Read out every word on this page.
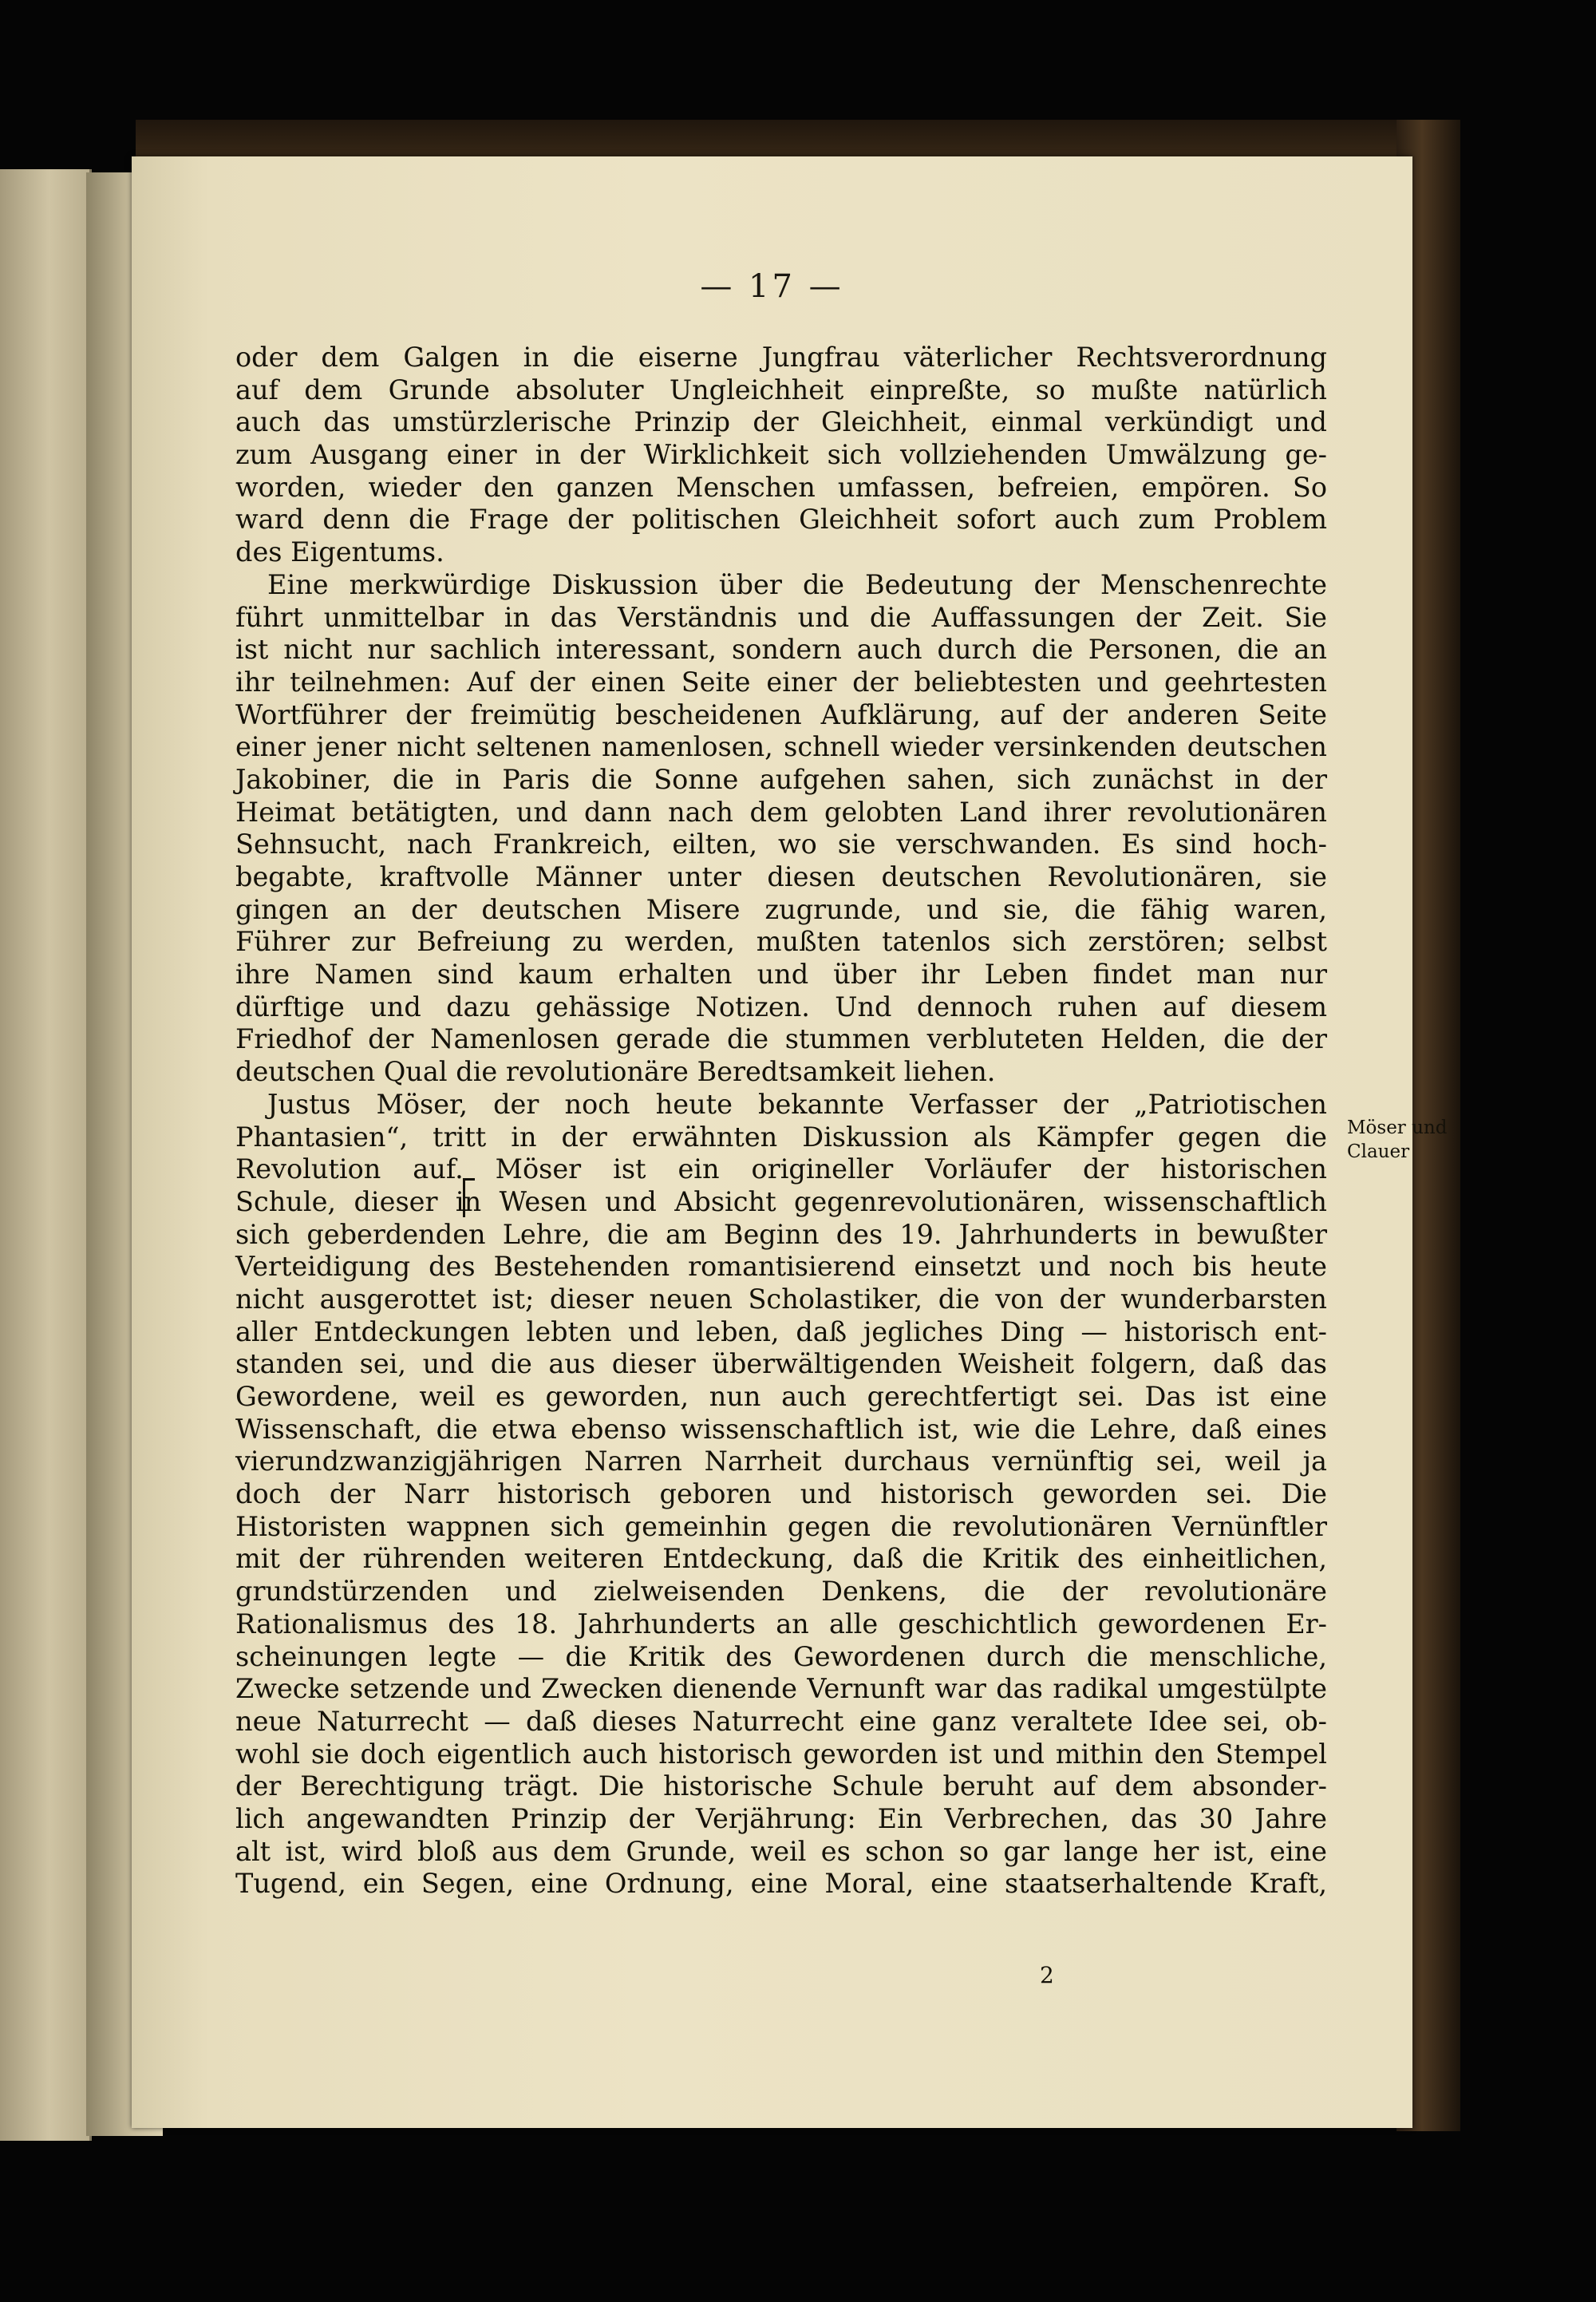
— 17 —
oder dem Galgen in die eiserne Jungfrau väterlicher Rechtsverordnung
auf dem Grunde absoluter Ungleichheit einpreßte, so mußte natürlich
auch das umstürzlerische Prinzip der Gleichheit, einmal verkündigt und
zum Ausgang einer in der Wirklichkeit sich vollziehenden Umwälzung ge-
worden, wieder den ganzen Menschen umfassen, befreien, empören. So
ward denn die Frage der politischen Gleichheit sofort auch zum Problem
des Eigentums.
Eine merkwürdige Diskussion über die Bedeutung der Menschenrechte
führt unmittelbar in das Verständnis und die Auffassungen der Zeit. Sie
ist nicht nur sachlich interessant, sondern auch durch die Personen, die an
ihr teilnehmen: Auf der einen Seite einer der beliebtesten und geehrtesten
Wortführer der freimütig bescheidenen Aufklärung, auf der anderen Seite
einer jener nicht seltenen namenlosen, schnell wieder versinkenden deutschen
Jakobiner, die in Paris die Sonne aufgehen sahen, sich zunächst in der
Heimat betätigten, und dann nach dem gelobten Land ihrer revolutionären
Sehnsucht, nach Frankreich, eilten, wo sie verschwanden. Es sind hoch-
begabte, kraftvolle Männer unter diesen deutschen Revolutionären, sie
gingen an der deutschen Misere zugrunde, und sie, die fähig waren,
Führer zur Befreiung zu werden, mußten tatenlos sich zerstören; selbst
ihre Namen sind kaum erhalten und über ihr Leben findet man nur
dürftige und dazu gehässige Notizen. Und dennoch ruhen auf diesem
Friedhof der Namenlosen gerade die stummen verbluteten Helden, die der
deutschen Qual die revolutionäre Beredtsamkeit liehen.
Justus Möser, der noch heute bekannte Verfasser der „Patriotischen
Phantasien“, tritt in der erwähnten Diskussion als Kämpfer gegen die
Revolution auf. Möser ist ein origineller Vorläufer der historischen
Schule, dieser in Wesen und Absicht gegenrevolutionären, wissenschaftlich
sich geberdenden Lehre, die am Beginn des 19. Jahrhunderts in bewußter
Verteidigung des Bestehenden romantisierend einsetzt und noch bis heute
nicht ausgerottet ist; dieser neuen Scholastiker, die von der wunderbarsten
aller Entdeckungen lebten und leben, daß jegliches Ding — historisch ent-
standen sei, und die aus dieser überwältigenden Weisheit folgern, daß das
Gewordene, weil es geworden, nun auch gerechtfertigt sei. Das ist eine
Wissenschaft, die etwa ebenso wissenschaftlich ist, wie die Lehre, daß eines
vierundzwanzigjährigen Narren Narrheit durchaus vernünftig sei, weil ja
doch der Narr historisch geboren und historisch geworden sei. Die
Historisten wappnen sich gemeinhin gegen die revolutionären Vernünftler
mit der rührenden weiteren Entdeckung, daß die Kritik des einheitlichen,
grundstürzenden und zielweisenden Denkens, die der revolutionäre
Rationalismus des 18. Jahrhunderts an alle geschichtlich gewordenen Er-
scheinungen legte — die Kritik des Gewordenen durch die menschliche,
Zwecke setzende und Zwecken dienende Vernunft war das radikal umgestülpte
neue Naturrecht — daß dieses Naturrecht eine ganz veraltete Idee sei, ob-
wohl sie doch eigentlich auch historisch geworden ist und mithin den Stempel
der Berechtigung trägt. Die historische Schule beruht auf dem absonder-
lich angewandten Prinzip der Verjährung: Ein Verbrechen, das 30 Jahre
alt ist, wird bloß aus dem Grunde, weil es schon so gar lange her ist, eine
Tugend, ein Segen, eine Ordnung, eine Moral, eine staatserhaltende Kraft,
Möser und
Clauer
2
